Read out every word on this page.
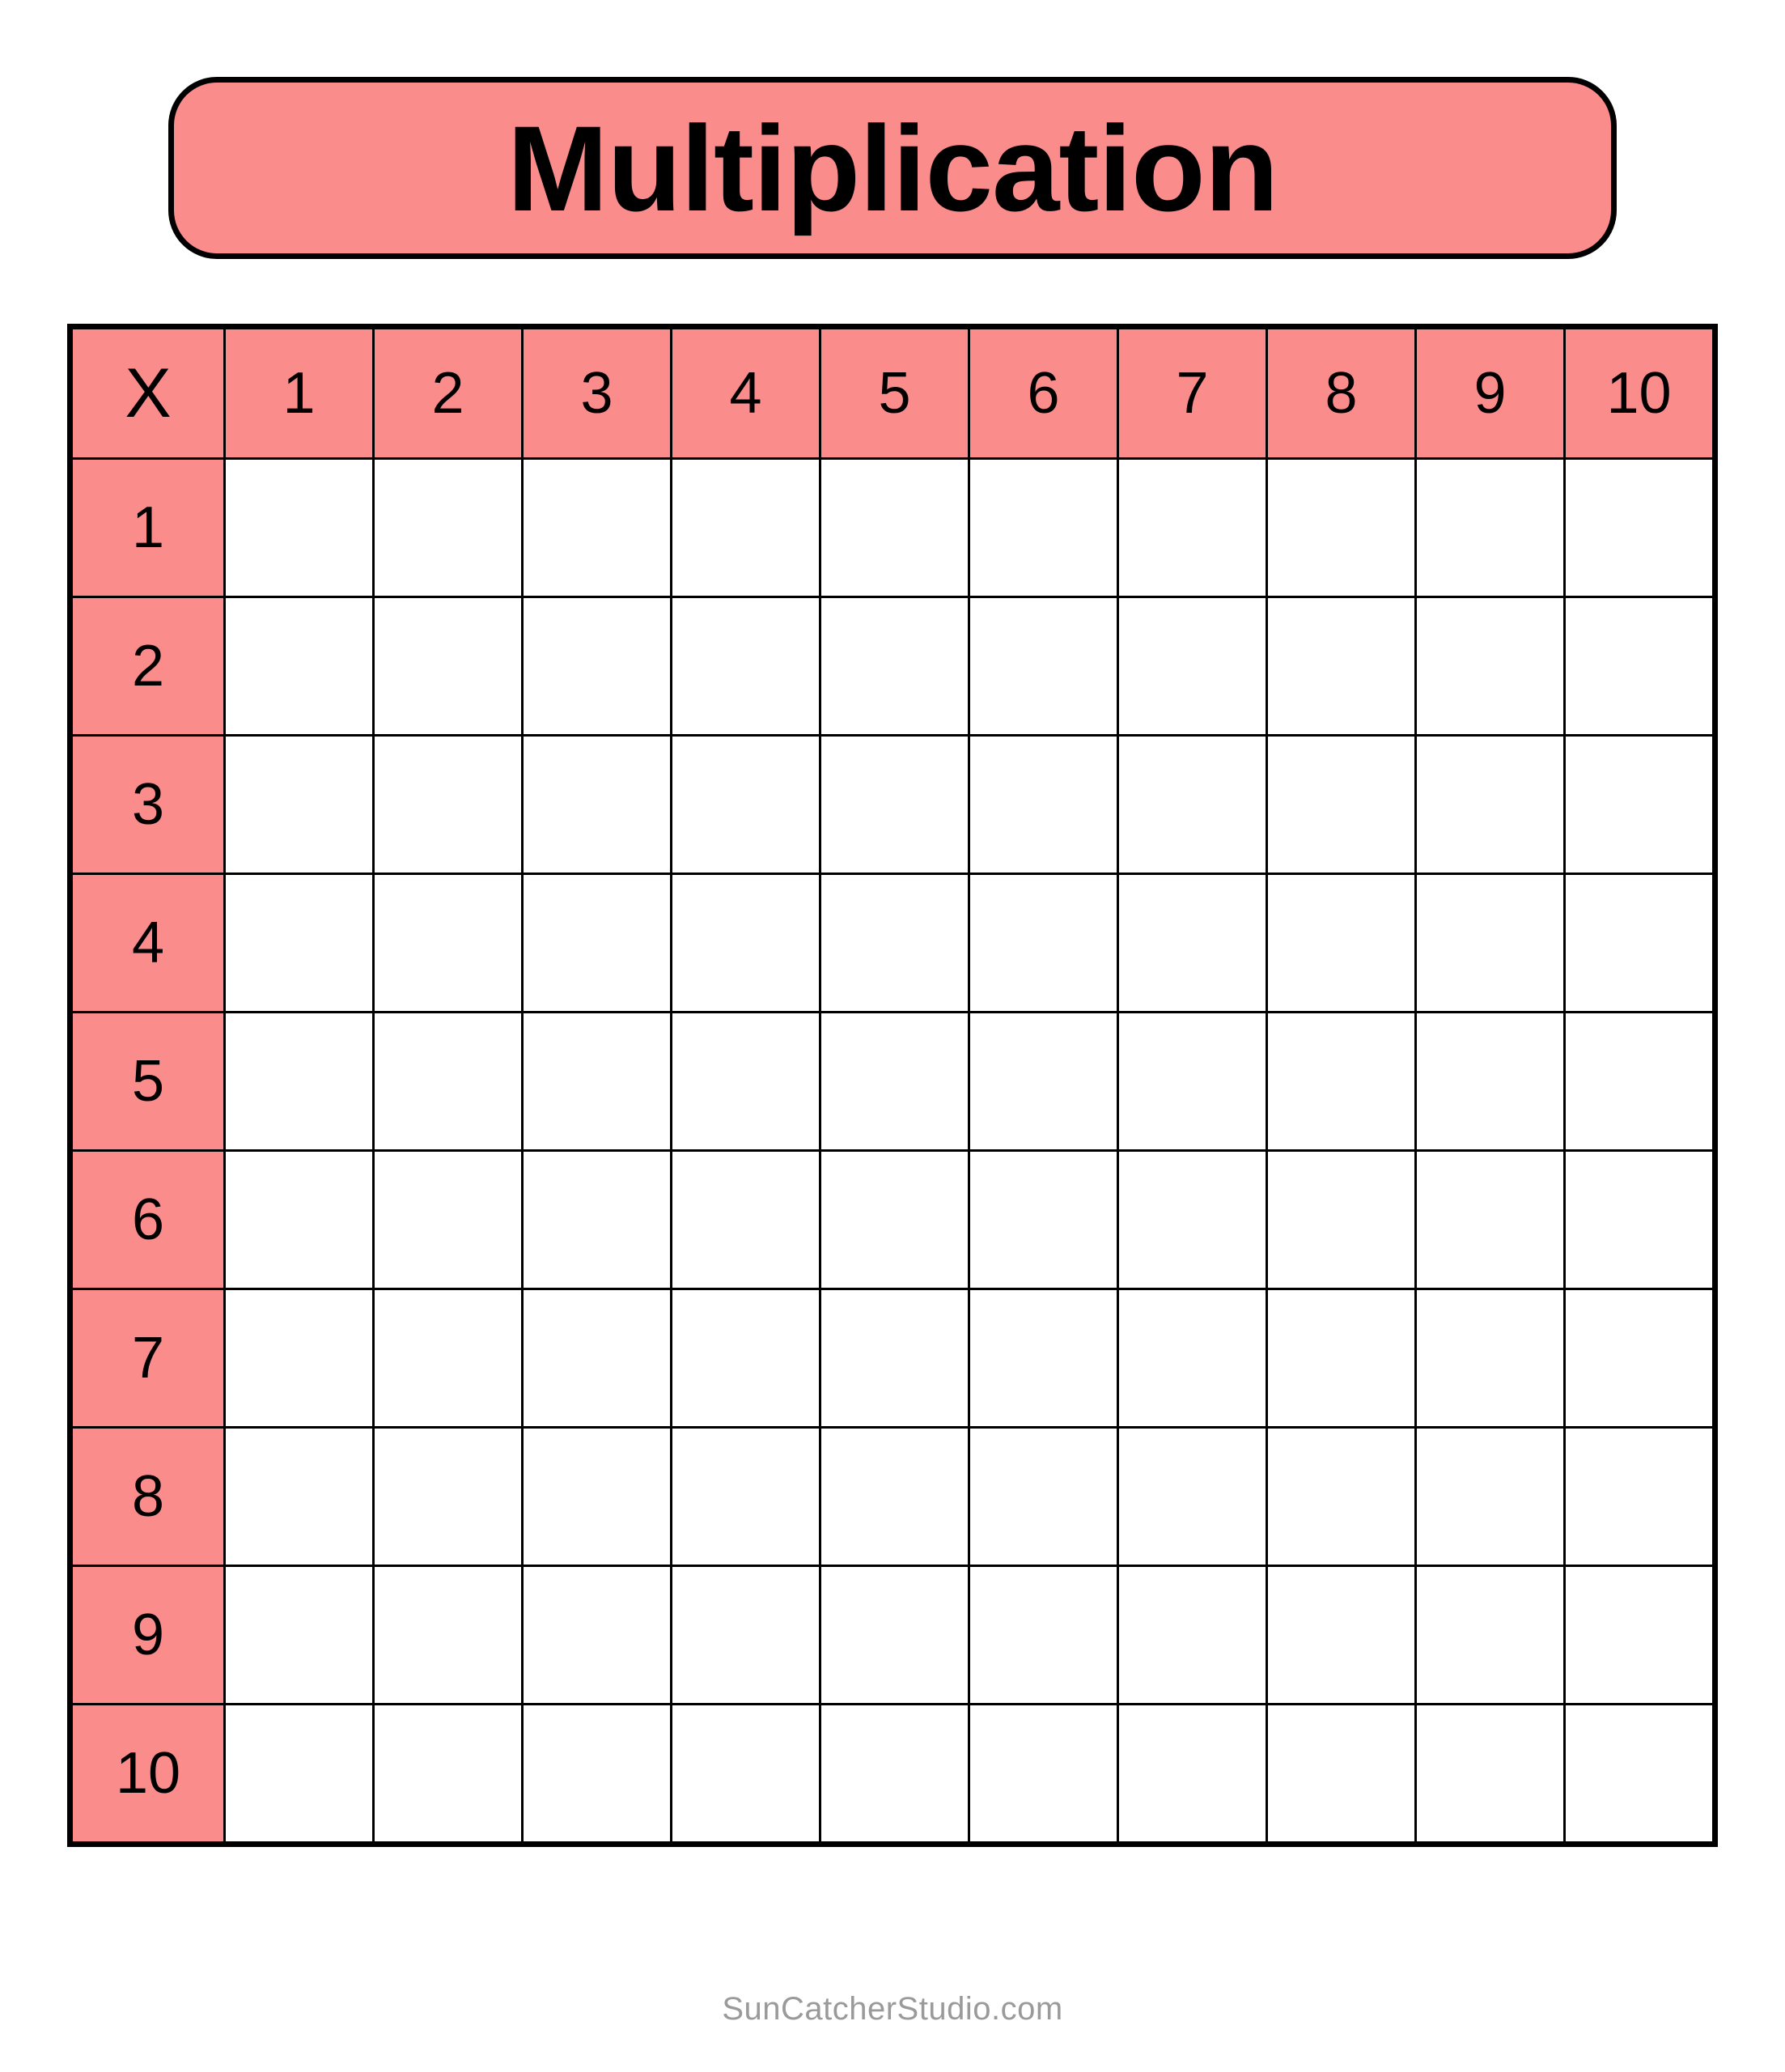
Multiplication
X	1	2	3	4	5	6	7	8	9	10
1										
2										
3										
4										
5										
6										
7										
8										
9										
10										
SunCatcherStudio.com
